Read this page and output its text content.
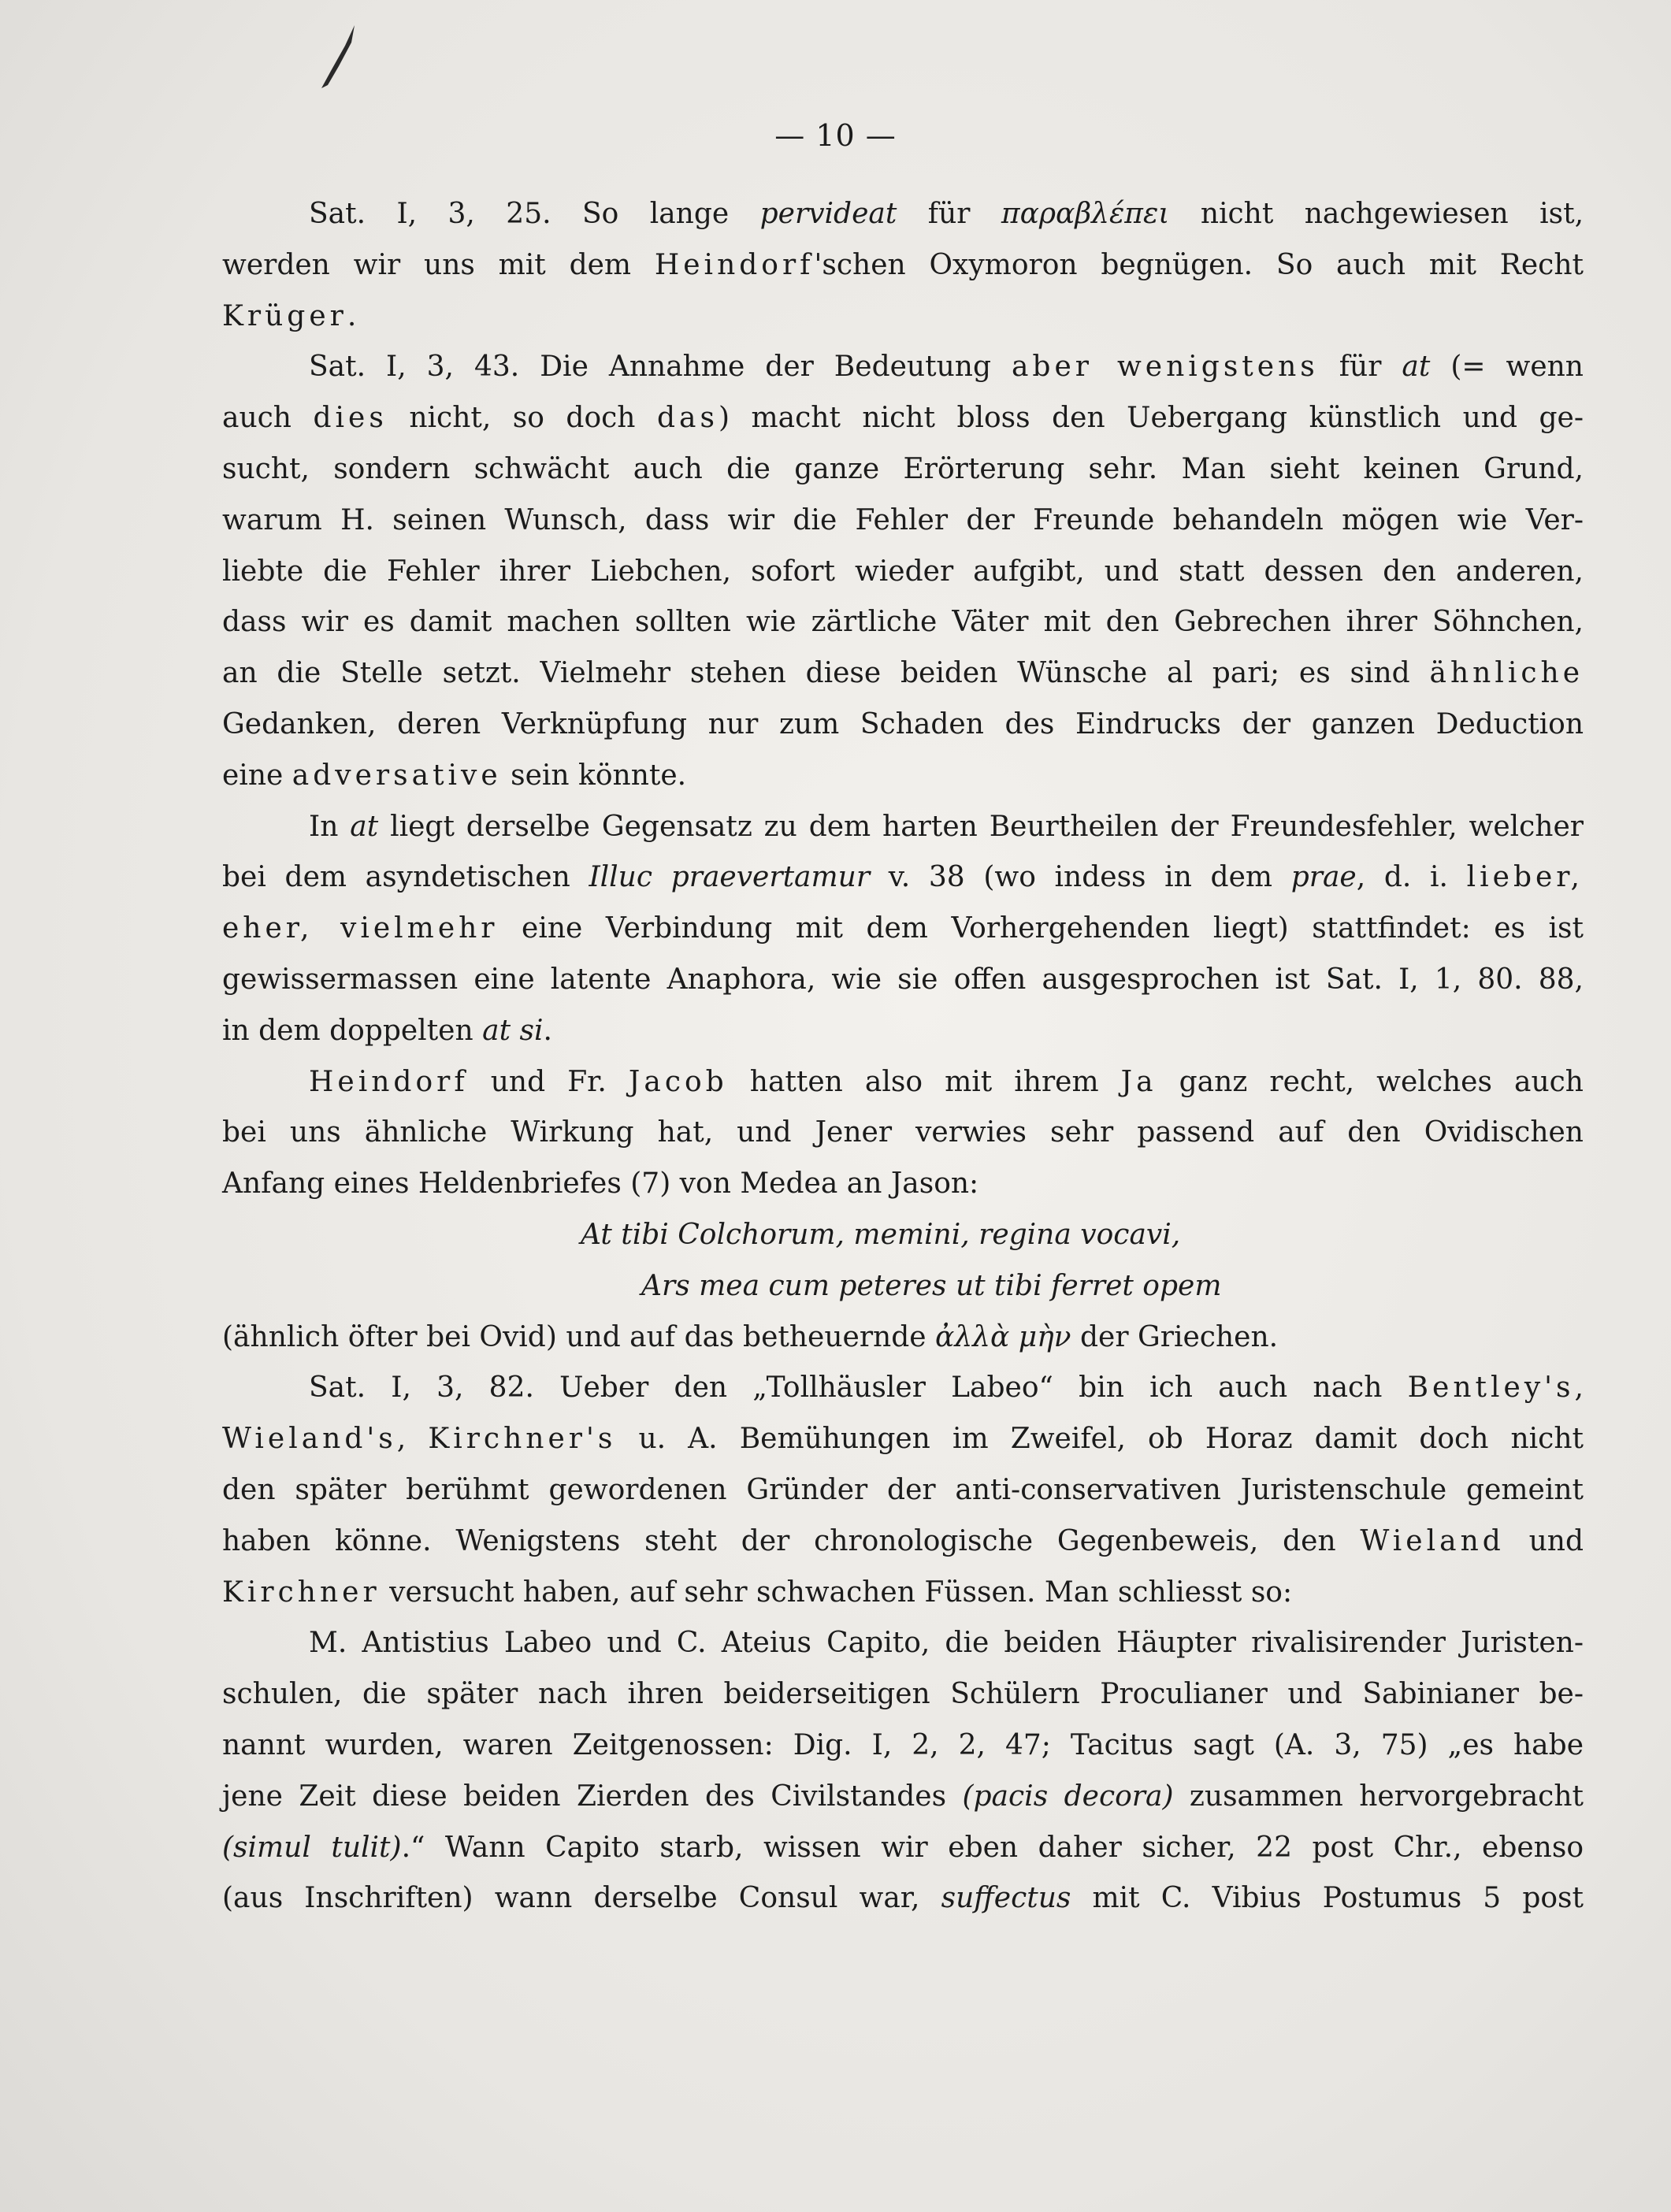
— 10 —
Sat. I, 3, 25. So lange pervideat für παραβλέπει nicht nachgewiesen ist,
werden wir uns mit dem Heindorf'schen Oxymoron begnügen. So auch mit Recht
Krüger.
Sat. I, 3, 43. Die Annahme der Bedeutung aber wenigstens für at (= wenn
auch dies nicht, so doch das) macht nicht bloss den Uebergang künstlich und ge-
sucht, sondern schwächt auch die ganze Erörterung sehr. Man sieht keinen Grund,
warum H. seinen Wunsch, dass wir die Fehler der Freunde behandeln mögen wie Ver-
liebte die Fehler ihrer Liebchen, sofort wieder aufgibt, und statt dessen den anderen,
dass wir es damit machen sollten wie zärtliche Väter mit den Gebrechen ihrer Söhnchen,
an die Stelle setzt. Vielmehr stehen diese beiden Wünsche al pari; es sind ähnliche
Gedanken, deren Verknüpfung nur zum Schaden des Eindrucks der ganzen Deduction
eine adversative sein könnte.
In at liegt derselbe Gegensatz zu dem harten Beurtheilen der Freundesfehler, welcher
bei dem asyndetischen Illuc praevertamur v. 38 (wo indess in dem prae, d. i. lieber,
eher, vielmehr eine Verbindung mit dem Vorhergehenden liegt) stattfindet: es ist
gewissermassen eine latente Anaphora, wie sie offen ausgesprochen ist Sat. I, 1, 80. 88,
in dem doppelten at si.
Heindorf und Fr. Jacob hatten also mit ihrem Ja ganz recht, welches auch
bei uns ähnliche Wirkung hat, und Jener verwies sehr passend auf den Ovidischen
Anfang eines Heldenbriefes (7) von Medea an Jason:
At tibi Colchorum, memini, regina vocavi,
Ars mea cum peteres ut tibi ferret opem
(ähnlich öfter bei Ovid) und auf das betheuernde ἀλλὰ μὴν der Griechen.
Sat. I, 3, 82. Ueber den „Tollhäusler Labeo“ bin ich auch nach Bentley's,
Wieland's, Kirchner's u. A. Bemühungen im Zweifel, ob Horaz damit doch nicht
den später berühmt gewordenen Gründer der anti-conservativen Juristenschule gemeint
haben könne. Wenigstens steht der chronologische Gegenbeweis, den Wieland und
Kirchner versucht haben, auf sehr schwachen Füssen. Man schliesst so:
M. Antistius Labeo und C. Ateius Capito, die beiden Häupter rivalisirender Juristen-
schulen, die später nach ihren beiderseitigen Schülern Proculianer und Sabinianer be-
nannt wurden, waren Zeitgenossen: Dig. I, 2, 2, 47; Tacitus sagt (A. 3, 75) „es habe
jene Zeit diese beiden Zierden des Civilstandes (pacis decora) zusammen hervorgebracht
(simul tulit).“ Wann Capito starb, wissen wir eben daher sicher, 22 post Chr., ebenso
(aus Inschriften) wann derselbe Consul war, suffectus mit C. Vibius Postumus 5 post
